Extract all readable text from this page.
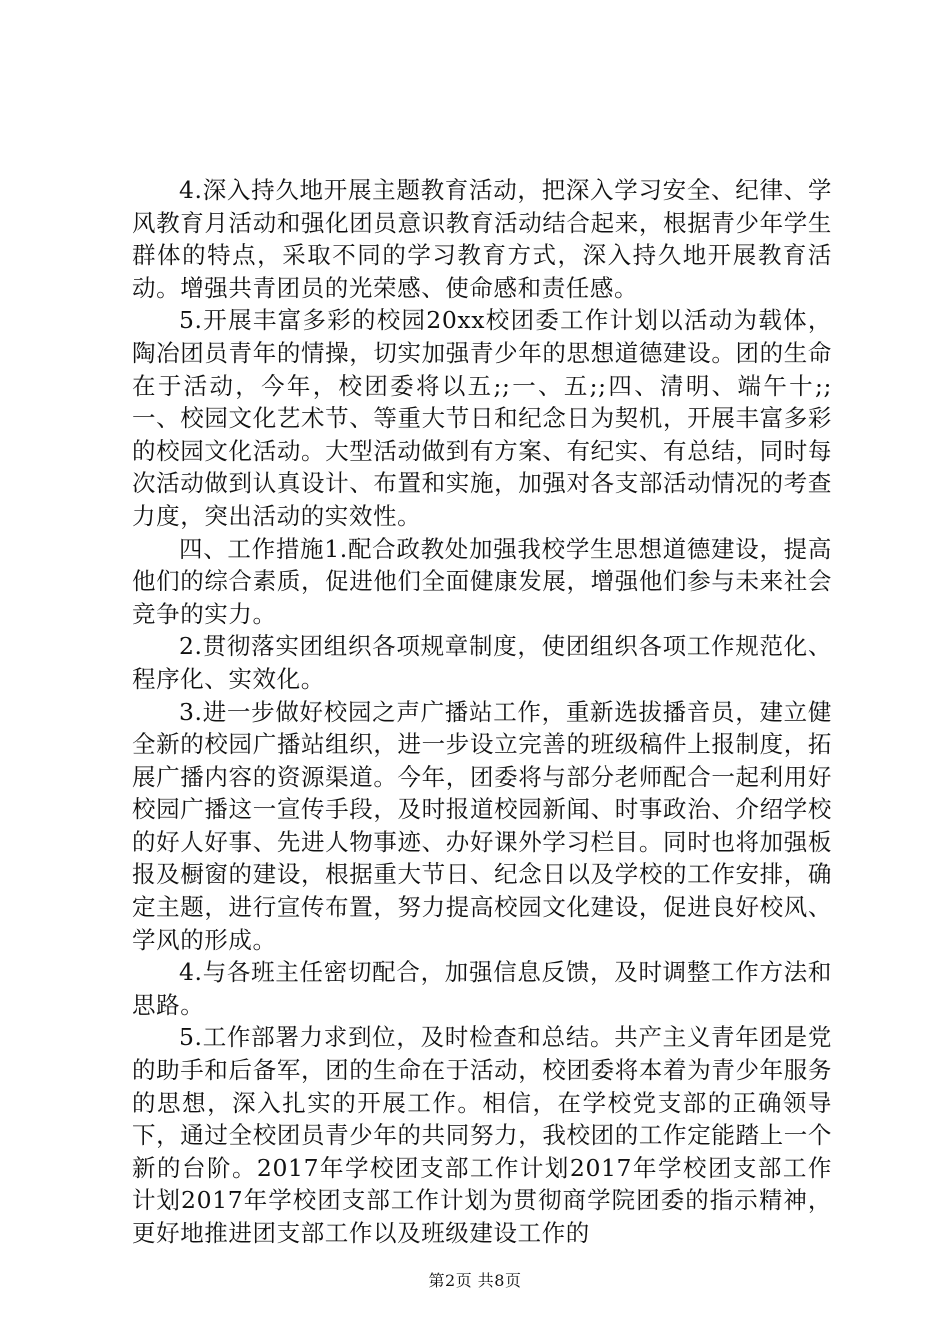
4.深入持久地开展主题教育活动，把深入学习安全、纪律、学风教育月活动和强化团员意识教育活动结合起来，根据青少年学生群体的特点，采取不同的学习教育方式，深入持久地开展教育活动。增强共青团员的光荣感、使命感和责任感。

5.开展丰富多彩的校园20xx校团委工作计划以活动为载体，陶冶团员青年的情操，切实加强青少年的思想道德建设。团的生命在于活动，今年，校团委将以五;;一、五;;四、清明、端午十;;一、校园文化艺术节、等重大节日和纪念日为契机，开展丰富多彩的校园文化活动。大型活动做到有方案、有纪实、有总结，同时每次活动做到认真设计、布置和实施，加强对各支部活动情况的考查力度，突出活动的实效性。

四、工作措施1.配合政教处加强我校学生思想道德建设，提高他们的综合素质，促进他们全面健康发展，增强他们参与未来社会竞争的实力。

2.贯彻落实团组织各项规章制度，使团组织各项工作规范化、程序化、实效化。

3.进一步做好校园之声广播站工作，重新选拔播音员，建立健全新的校园广播站组织，进一步设立完善的班级稿件上报制度，拓展广播内容的资源渠道。今年，团委将与部分老师配合一起利用好校园广播这一宣传手段，及时报道校园新闻、时事政治、介绍学校的好人好事、先进人物事迹、办好课外学习栏目。同时也将加强板报及橱窗的建设，根据重大节日、纪念日以及学校的工作安排，确定主题，进行宣传布置，努力提高校园文化建设，促进良好校风、学风的形成。

4.与各班主任密切配合，加强信息反馈，及时调整工作方法和思路。

5.工作部署力求到位，及时检查和总结。共产主义青年团是党的助手和后备军，团的生命在于活动，校团委将本着为青少年服务的思想，深入扎实的开展工作。相信，在学校党支部的正确领导下，通过全校团员青少年的共同努力，我校团的工作定能踏上一个新的台阶。2017年学校团支部工作计划2017年学校团支部工作计划2017年学校团支部工作计划为贯彻商学院团委的指示精神，更好地推进团支部工作以及班级建设工作的

第2页 共8页
